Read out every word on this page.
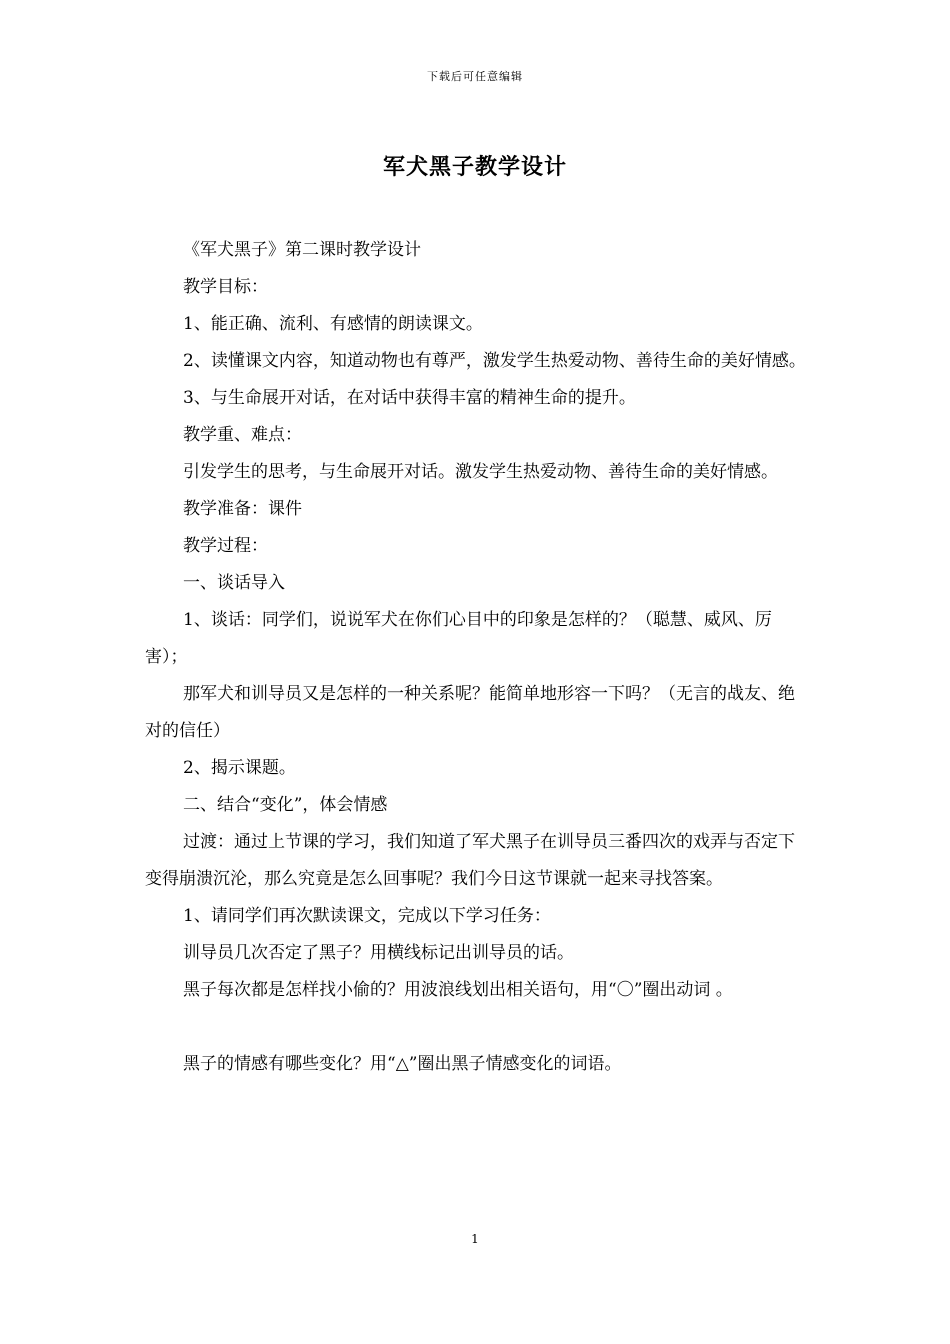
下载后可任意编辑
军犬黑子教学设计

《军犬黑子》第二课时教学设计

教学目标：

1、能正确、流利、有感情的朗读课文。

2、读懂课文内容，知道动物也有尊严，激发学生热爱动物、善待生命的美好情感。

3、与生命展开对话，在对话中获得丰富的精神生命的提升。

教学重、难点：

引发学生的思考，与生命展开对话。激发学生热爱动物、善待生命的美好情感。

教学准备：课件

教学过程：

一、谈话导入

1、谈话：同学们，说说军犬在你们心目中的印象是怎样的？（聪慧、威风、厉害）；

那军犬和训导员又是怎样的一种关系呢？能简单地形容一下吗？（无言的战友、绝对的信任）

2、揭示课题。

二、结合“变化”，体会情感

过渡：通过上节课的学习，我们知道了军犬黑子在训导员三番四次的戏弄与否定下变得崩溃沉沦，那么究竟是怎么回事呢？我们今日这节课就一起来寻找答案。

1、请同学们再次默读课文，完成以下学习任务：

训导员几次否定了黑子？用横线标记出训导员的话。

黑子每次都是怎样找小偷的？用波浪线划出相关语句，用“〇”圈出动词 。

黑子的情感有哪些变化？用“△”圈出黑子情感变化的词语。

1
